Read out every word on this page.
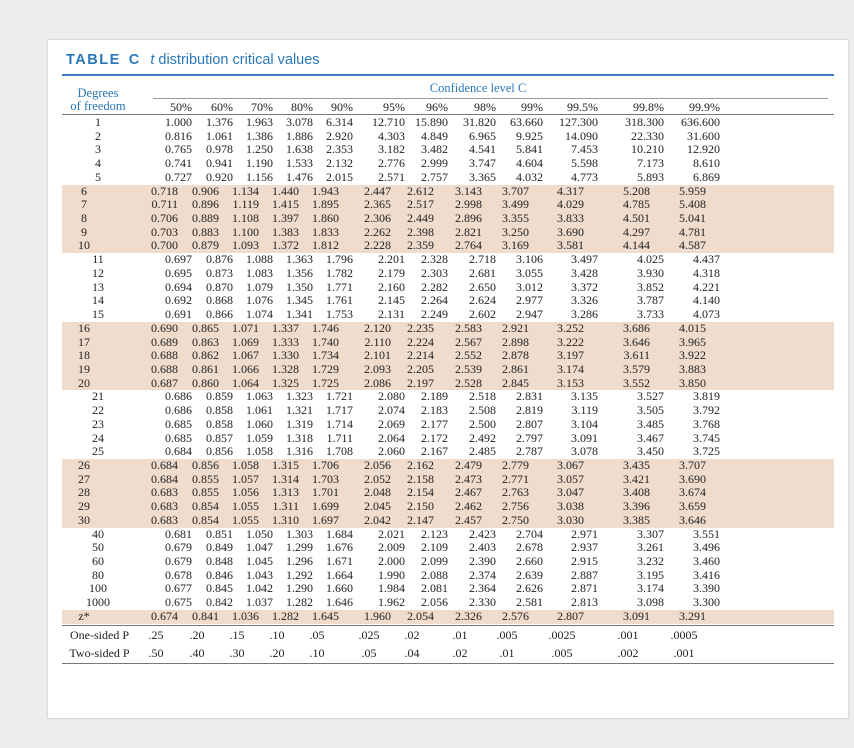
TABLE C t distribution critical values
Degrees
of freedom
Confidence level C
50%	60%	70%	80%	90%	95%	96%	98%	99%	99.5%	99.8%	99.9%
1	1.000	1.376	1.963	3.078	6.314	12.710 15.890	31.820	63.660	127.300	318.300	636.600
2	0.816	1.061	1.386	1.886	2.920	4.303	4.849	6.965	9.925	14.090	22.330	31.600
3	0.765	0.978	1.250	1.638	2.353	3.182	3.482	4.541	5.841	7.453	10.210	12.920
4	0.741	0.941	1.190	1.533	2.132	2.776	2.999	3.747	4.604	5.598	7.173	8.610
5	0.727	0.920	1.156	1.476	2.015	2.571	2.757	3.365	4.032	4.773	5.893	6.869
6	0.718	0.906	1.134	1.440	1.943	2.447	2.612	3.143	3.707	4.317	5.208	5.959
7	0.711	0.896	1.119	1.415	1.895	2.365	2.517	2.998	3.499	4.029	4.785	5.408
8	0.706	0.889	1.108	1.397	1.860	2.306	2.449	2.896	3.355	3.833	4.501	5.041
9	0.703	0.883	1.100	1.383	1.833	2.262	2.398	2.821	3.250	3.690	4.297	4.781
10	0.700	0.879	1.093	1.372	1.812	2.228	2.359	2.764	3.169	3.581	4.144	4.587
11	0.697	0.876	1.088	1.363	1.796	2.201	2.328	2.718	3.106	3.497	4.025	4.437
12	0.695	0.873	1.083	1.356	1.782	2.179	2.303	2.681	3.055	3.428	3.930	4.318
13	0.694	0.870	1.079	1.350	1.771	2.160	2.282	2.650	3.012	3.372	3.852	4.221
14	0.692	0.868	1.076	1.345	1.761	2.145	2.264	2.624	2.977	3.326	3.787	4.140
15	0.691	0.866	1.074	1.341	1.753	2.131	2.249	2.602	2.947	3.286	3.733	4.073
16	0.690	0.865	1.071	1.337	1.746	2.120	2.235	2.583	2.921	3.252	3.686	4.015
17	0.689	0.863	1.069	1.333	1.740	2.110	2.224	2.567	2.898	3.222	3.646	3.965
18	0.688	0.862	1.067	1.330	1.734	2.101	2.214	2.552	2.878	3.197	3.611	3.922
19	0.688	0.861	1.066	1.328	1.729	2.093	2.205	2.539	2.861	3.174	3.579	3.883
20	0.687	0.860	1.064	1.325	1.725	2.086	2.197	2.528	2.845	3.153	3.552	3.850
21	0.686	0.859	1.063	1.323	1.721	2.080	2.189	2.518	2.831	3.135	3.527	3.819
22	0.686	0.858	1.061	1.321	1.717	2.074	2.183	2.508	2.819	3.119	3.505	3.792
23	0.685	0.858	1.060	1.319	1.714	2.069	2.177	2.500	2.807	3.104	3.485	3.768
24	0.685	0.857	1.059	1.318	1.711	2.064	2.172	2.492	2.797	3.091	3.467	3.745
25	0.684	0.856	1.058	1.316	1.708	2.060	2.167	2.485	2.787	3.078	3.450	3.725
26	0.684	0.856	1.058	1.315	1.706	2.056	2.162	2.479	2.779	3.067	3.435	3.707
27	0.684	0.855	1.057	1.314	1.703	2.052	2.158	2.473	2.771	3.057	3.421	3.690
28	0.683	0.855	1.056	1.313	1.701	2.048	2.154	2.467	2.763	3.047	3.408	3.674
29	0.683	0.854	1.055	1.311	1.699	2.045	2.150	2.462	2.756	3.038	3.396	3.659
30	0.683	0.854	1.055	1.310	1.697	2.042	2.147	2.457	2.750	3.030	3.385	3.646
40	0.681	0.851	1.050	1.303	1.684	2.021	2.123	2.423	2.704	2.971	3.307	3.551
50	0.679	0.849	1.047	1.299	1.676	2.009	2.109	2.403	2.678	2.937	3.261	3.496
60	0.679	0.848	1.045	1.296	1.671	2.000	2.099	2.390	2.660	2.915	3.232	3.460
80	0.678	0.846	1.043	1.292	1.664	1.990	2.088	2.374	2.639	2.887	3.195	3.416
100	0.677	0.845	1.042	1.290	1.660	1.984	2.081	2.364	2.626	2.871	3.174	3.390
1000	0.675	0.842	1.037	1.282	1.646	1.962	2.056	2.330	2.581	2.813	3.098	3.300
z*	0.674	0.841	1.036	1.282	1.645	1.960	2.054	2.326	2.576	2.807	3.091	3.291
One-sided P	.25	.20	.15	.10	.05	.025	.02	.01	.005	.0025	.001	.0005
Two-sided P	.50	.40	.30	.20	.10	.05	.04	.02	.01	.005	.002	.001
